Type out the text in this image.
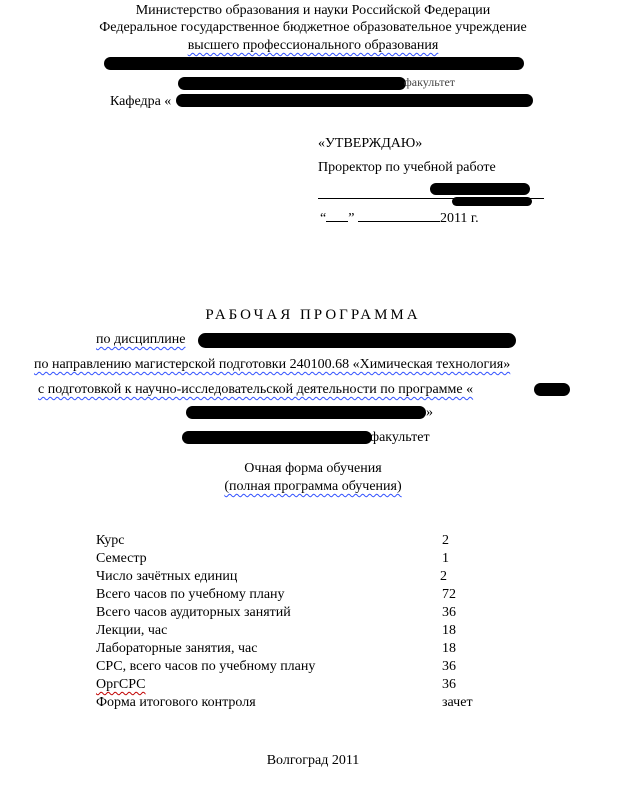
Министерство образования и науки Российской Федерации
Федеральное государственное бюджетное образовательное учреждение
высшего профессионального образования
факультет
Кафедра «
«УТВЕРЖДАЮ»
Проректор по учебной работе
“ ”	2011 г.
РАБОЧАЯ ПРОГРАММА
по дисциплине
по направлению магистерской подготовки 240100.68 «Химическая технология»
с подготовкой к научно-исследовательской деятельности по программе «
»
факультет
Очная форма обучения
(полная программа обучения)
Курс	2
Семестр	1
Число зачётных единиц	2
Всего часов по учебному плану	72
Всего часов аудиторных занятий	36
Лекции, час	18
Лабораторные занятия, час	18
СРС, всего часов по учебному плану	36
ОргСРС	36
Форма итогового контроля	зачет
Волгоград 2011
